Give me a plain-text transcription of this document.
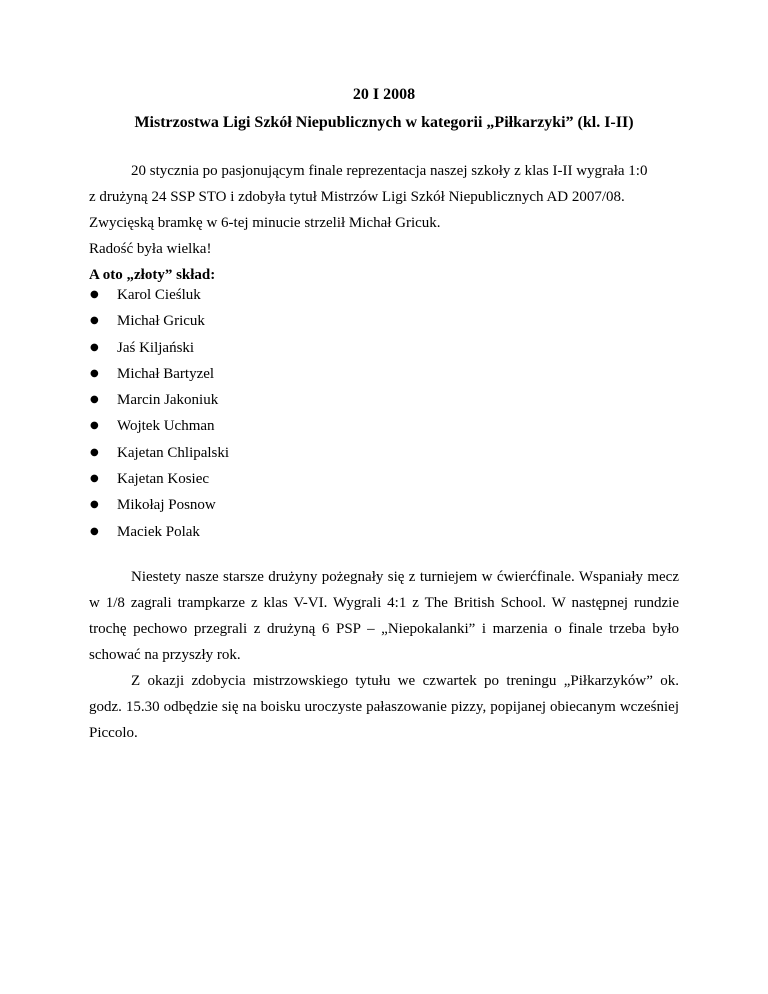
20 I 2008
Mistrzostwa Ligi Szkół Niepublicznych w kategorii „Piłkarzyki” (kl. I-II)
20 stycznia po pasjonującym finale reprezentacja naszej szkoły z klas I-II wygrała 1:0
z drużyną 24 SSP STO i zdobyła tytuł Mistrzów Ligi Szkół Niepublicznych AD 2007/08.
Zwycięską bramkę w 6-tej minucie strzelił Michał Gricuk.
Radość była wielka!
A oto „złoty” skład:
● Karol Cieśluk
● Michał Gricuk
● Jaś Kiljański
● Michał Bartyzel
● Marcin Jakoniuk
● Wojtek Uchman
● Kajetan Chlipalski
● Kajetan Kosiec
● Mikołaj Posnow
● Maciek Polak
Niestety nasze starsze drużyny pożegnały się z turniejem w ćwierćfinale. Wspaniały mecz w 1/8 zagrali trampkarze z klas V-VI. Wygrali 4:1 z The British School. W następnej rundzie trochę pechowo przegrali z drużyną 6 PSP – „Niepokalanki” i marzenia o finale trzeba było schować na przyszły rok.
Z okazji zdobycia mistrzowskiego tytułu we czwartek po treningu „Piłkarzyków” ok. godz. 15.30 odbędzie się na boisku uroczyste pałaszowanie pizzy, popijanej obiecanym wcześniej Piccolo.
